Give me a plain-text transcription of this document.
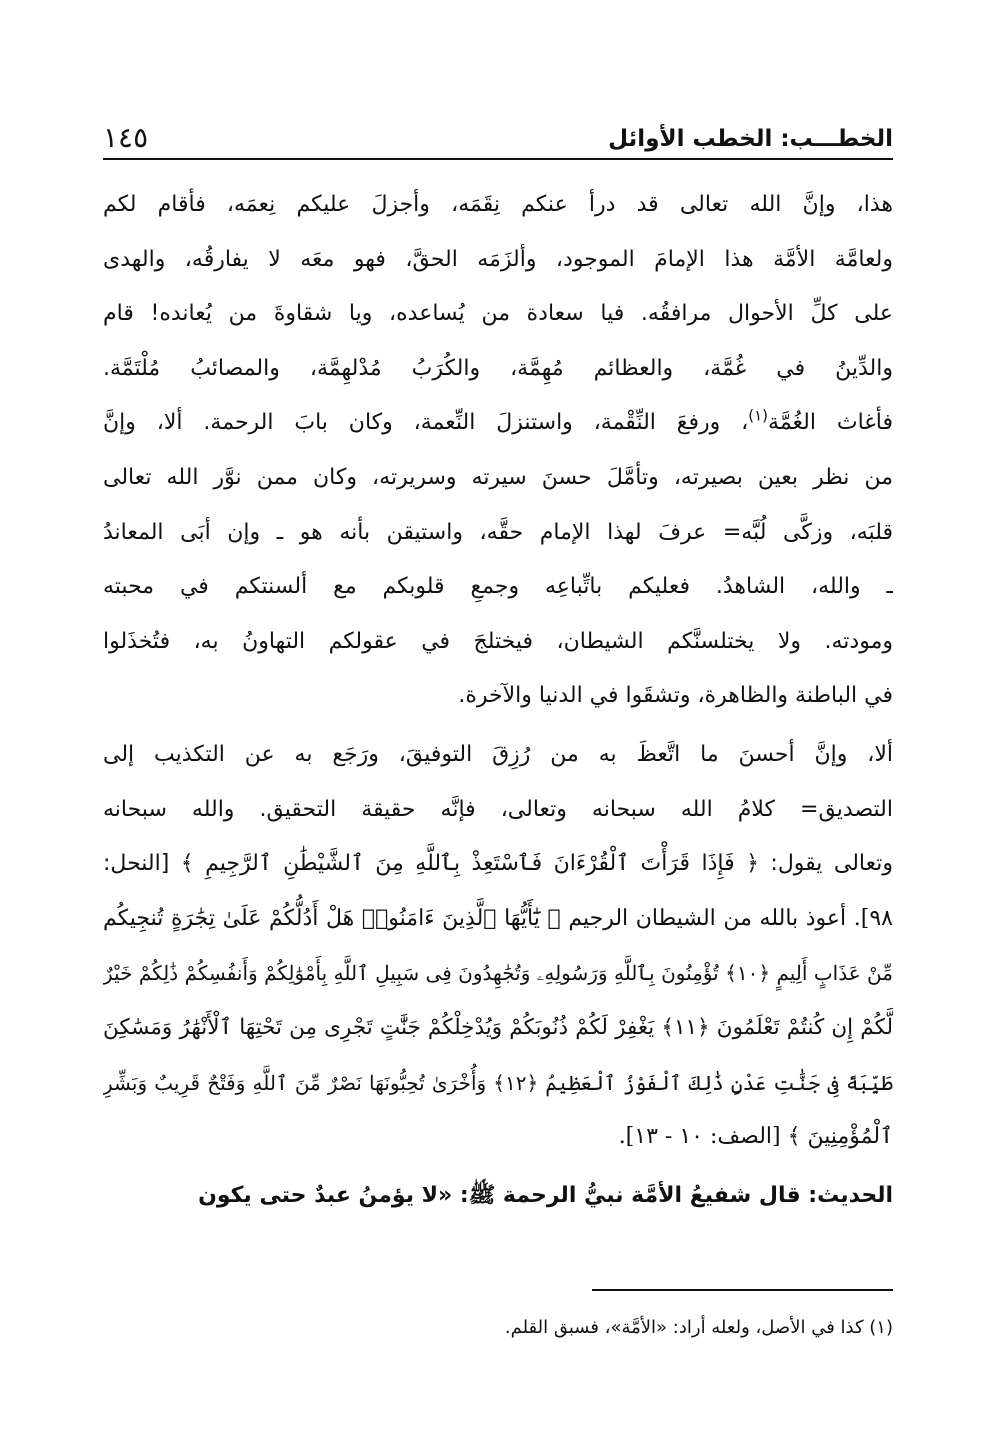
الخطـــب: الخطب الأوائل
١٤٥
هذا، وإنَّ الله تعالى قد درأ عنكم نِقَمَه، وأجزلَ عليكم نِعمَه، فأقام لكم
ولعامَّة الأمَّة هذا الإمامَ الموجود، وألزَمَه الحقَّ، فهو معَه لا يفارقُه، والهدى
على كلِّ الأحوال مرافقُه. فيا سعادة من يُساعده، ويا شقاوةَ من يُعانده! قام
والدِّينُ في غُمَّة، والعظائم مُهِمَّة، والكُرَبُ مُدْلهِمَّة، والمصائبُ مُلْتَمَّة.
فأغاث الغُمَّة$^{(١)}$، ورفعَ النِّقْمة، واستنزلَ النِّعمة، وكان بابَ الرحمة. ألا، وإنَّ
من نظر بعين بصيرته، وتأمَّلَ حسنَ سيرته وسريرته، وكان ممن نوَّر الله تعالى
قلبَه، وزكَّى لُبَّه= عرفَ لهذا الإمام حقَّه، واستيقن بأنه هو ـ وإن أبَى المعاندُ
ـ والله، الشاهدُ. فعليكم باتِّباعِه وجمعِ قلوبكم مع ألسنتكم في محبته
ومودته. ولا يختلسنَّكم الشيطان، فيختلجَ في عقولكم التهاونُ به، فتُخذَلوا
في الباطنة والظاهرة، وتشقَوا في الدنيا والآخرة.
ألا، وإنَّ أحسنَ ما اتَّعظَ به من رُزِقَ التوفيقَ، ورَجَع به عن التكذيب إلى
التصديق= كلامُ الله سبحانه وتعالى، فإنَّه حقيقة التحقيق. والله سبحانه
وتعالى يقول: ﴿ فَإِذَا قَرَأْتَ ٱلْقُرْءَانَ فَٱسْتَعِذْ بِٱللَّهِ مِنَ ٱلشَّيْطَٰنِ ٱلرَّجِيمِ ﴾ [النحل:
٩٨]. أعوذ بالله من الشيطان الرجيم ﴿ يَٰٓأَيُّهَا ٱلَّذِينَ ءَامَنُوا۟ هَلْ أَدُلُّكُمْ عَلَىٰ تِجَٰرَةٍ تُنجِيكُم
مِّنْ عَذَابٍ أَلِيمٍ ﴿١٠﴾ تُؤْمِنُونَ بِٱللَّهِ وَرَسُولِهِۦ وَتُجَٰهِدُونَ فِى سَبِيلِ ٱللَّهِ بِأَمْوَٰلِكُمْ وَأَنفُسِكُمْ ذَٰلِكُمْ خَيْرٌ
لَّكُمْ إِن كُنتُمْ تَعْلَمُونَ ﴿١١﴾ يَغْفِرْ لَكُمْ ذُنُوبَكُمْ وَيُدْخِلْكُمْ جَنَّٰتٍ تَجْرِى مِن تَحْتِهَا ٱلْأَنْهَٰرُ وَمَسَٰكِنَ
طَيِّبَةً فِى جَنَّٰتِ عَدْنٍ ذَٰلِكَ ٱلْفَوْزُ ٱلْعَظِيمُ ﴿١٢﴾ وَأُخْرَىٰ تُحِبُّونَهَا نَصْرٌ مِّنَ ٱللَّهِ وَفَتْحٌ قَرِيبٌ وَبَشِّرِ
ٱلْمُؤْمِنِينَ ﴾ [الصف: ١٠ - ١٣].
الحديث: قال شفيعُ الأمَّة نبيُّ الرحمة ﷺ: «لا يؤمنُ عبدٌ حتى يكون
(١) كذا في الأصل، ولعله أراد: «الأمَّة»، فسبق القلم.
